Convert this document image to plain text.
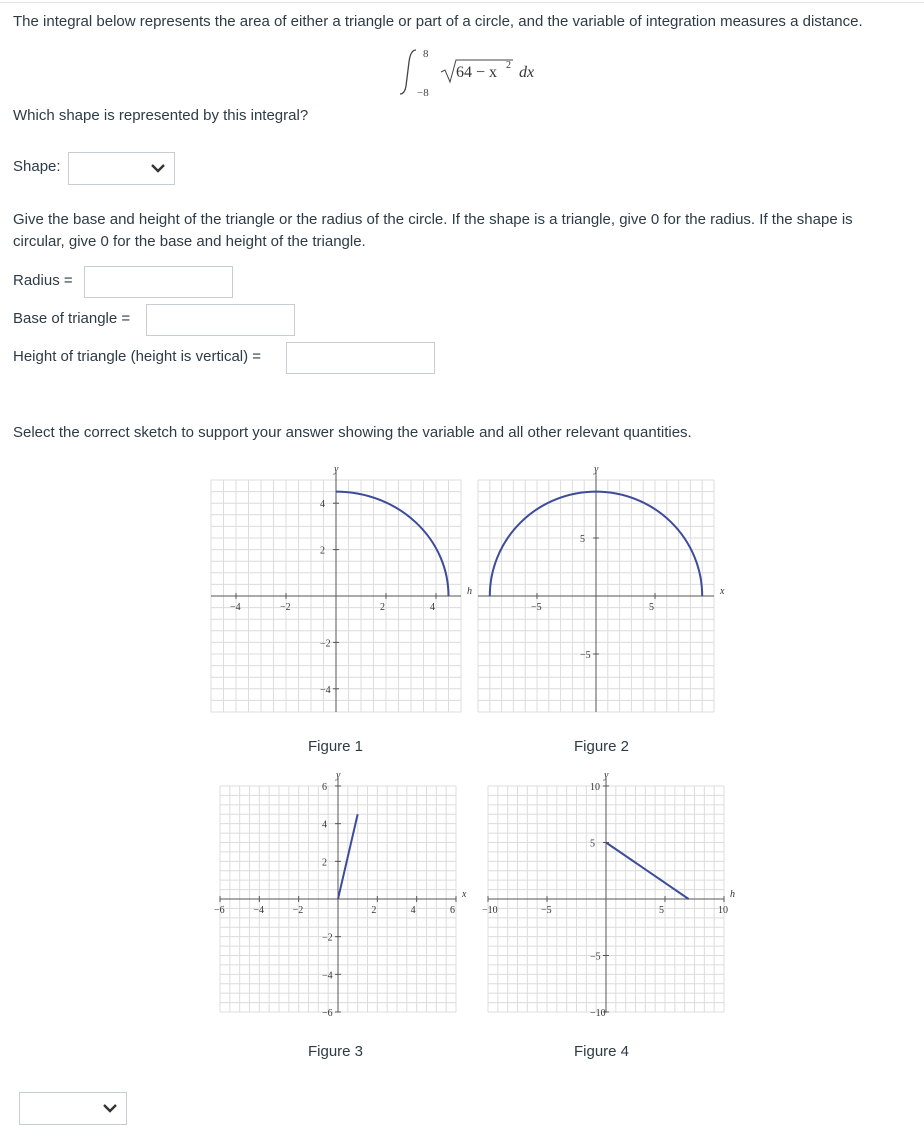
The integral below represents the area of either a triangle or part of a circle, and the variable of integration measures a distance.
8
−8
64 − x 2 dx
Which shape is represented by this integral?
Shape:
Give the base and height of the triangle or the radius of the circle. If the shape is a triangle, give 0 for the radius. If the shape is circular, give 0 for the base and height of the triangle.
Radius =
Base of triangle =
Height of triangle (height is vertical) =
Select the correct sketch to support your answer showing the variable and all other relevant quantities.
h
y
−4	−2	2	4
4
2
−2
−4
Figure 1
x
y
−5	5
5
−5
Figure 2
x
y
−6	−4	−2	2	4	6
6
4
2
−2
−4
−6
Figure 3
h
y
−10	−5	5	10
10
5
−5
−10
Figure 4
